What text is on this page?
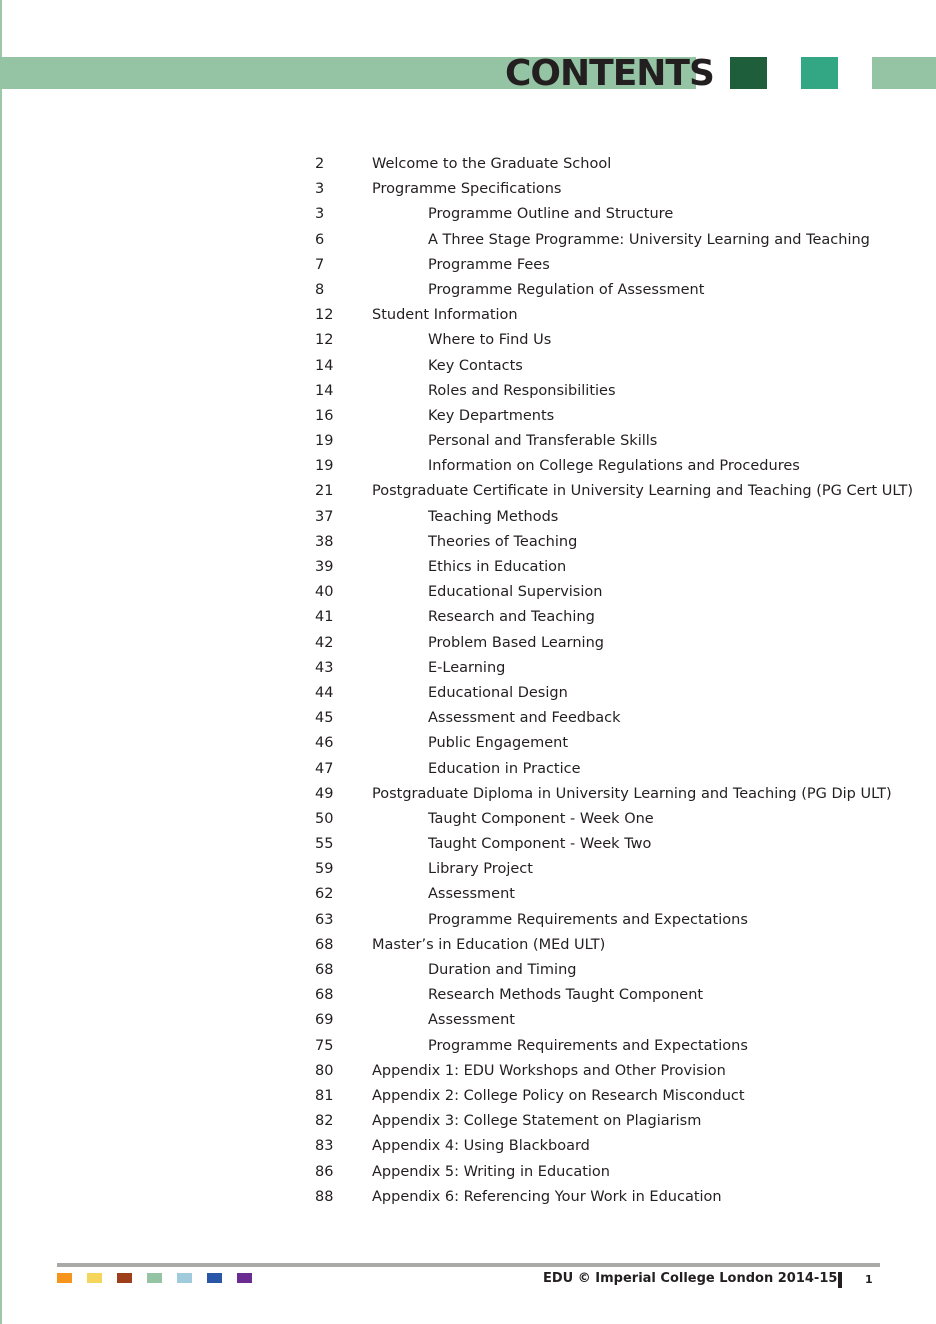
CONTENTS
2	Welcome to the Graduate School
3	Programme Specifications
3	Programme Outline and Structure
6	A Three Stage Programme: University Learning and Teaching
7	Programme Fees
8	Programme Regulation of Assessment
12	Student Information
12	Where to Find Us
14	Key Contacts
14	Roles and Responsibilities
16	Key Departments
19	Personal and Transferable Skills
19	Information on College Regulations and Procedures
21	Postgraduate Certificate in University Learning and Teaching (PG Cert ULT)
37	Teaching Methods
38	Theories of Teaching
39	Ethics in Education
40	Educational Supervision
41	Research and Teaching
42	Problem Based Learning
43	E-Learning
44	Educational Design
45	Assessment and Feedback
46	Public Engagement
47	Education in Practice
49	Postgraduate Diploma in University Learning and Teaching (PG Dip ULT)
50	Taught Component - Week One
55	Taught Component - Week Two
59	Library Project
62	Assessment
63	Programme Requirements and Expectations
68	Master’s in Education (MEd ULT)
68	Duration and Timing
68	Research Methods Taught Component
69	Assessment
75	Programme Requirements and Expectations
80	Appendix 1: EDU Workshops and Other Provision
81	Appendix 2: College Policy on Research Misconduct
82	Appendix 3: College Statement on Plagiarism
83	Appendix 4: Using Blackboard
86	Appendix 5: Writing in Education
88	Appendix 6: Referencing Your Work in Education
EDU © Imperial College London 2014-15	1
